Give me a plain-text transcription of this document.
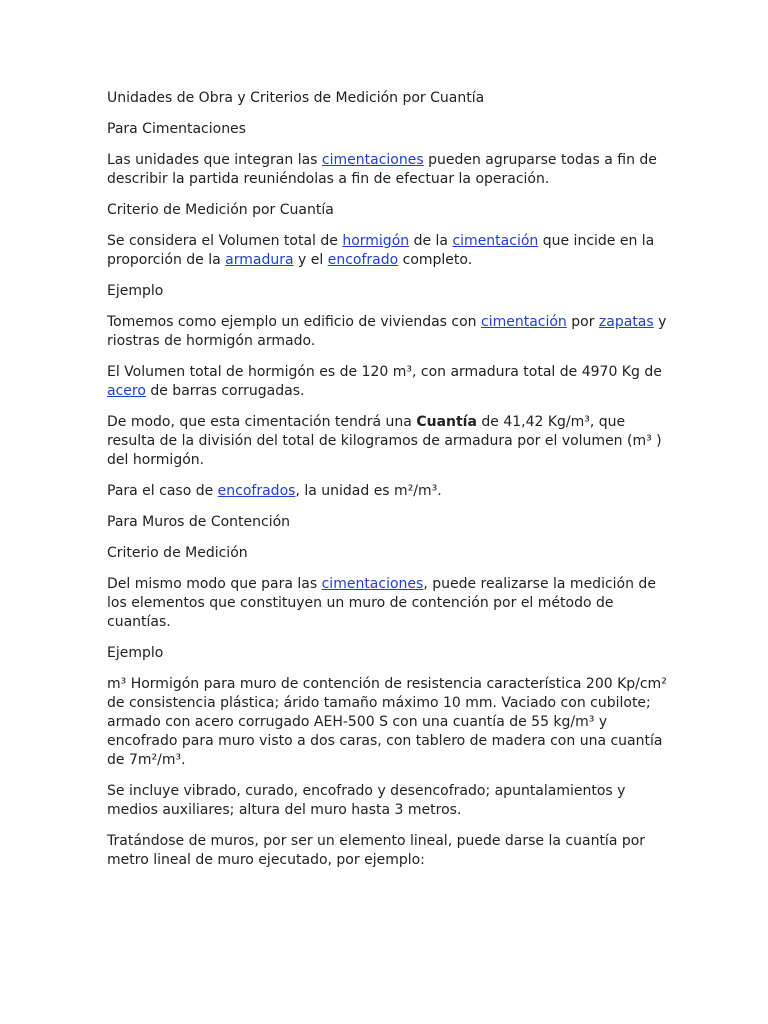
Unidades de Obra y Criterios de Medición por Cuantía

Para Cimentaciones

Las unidades que integran las cimentaciones pueden agruparse todas a fin de describir la partida reuniéndolas a fin de efectuar la operación.

Criterio de Medición por Cuantía

Se considera el Volumen total de hormigón de la cimentación que incide en la proporción de la armadura y el encofrado completo.

Ejemplo

Tomemos como ejemplo un edificio de viviendas con cimentación por zapatas y riostras de hormigón armado.

El Volumen total de hormigón es de 120 m³, con armadura total de 4970 Kg de acero de barras corrugadas.

De modo, que esta cimentación tendrá una Cuantía de 41,42 Kg/m³, que resulta de la división del total de kilogramos de armadura por el volumen (m³ ) del hormigón.

Para el caso de encofrados, la unidad es m²/m³.

Para Muros de Contención

Criterio de Medición

Del mismo modo que para las cimentaciones, puede realizarse la medición de los elementos que constituyen un muro de contención por el método de cuantías.

Ejemplo

m³ Hormigón para muro de contención de resistencia característica 200 Kp/cm² de consistencia plástica; árido tamaño máximo 10 mm. Vaciado con cubilote; armado con acero corrugado AEH-500 S con una cuantía de 55 kg/m³ y encofrado para muro visto a dos caras, con tablero de madera con una cuantía de 7m²/m³.

Se incluye vibrado, curado, encofrado y desencofrado; apuntalamientos y medios auxiliares; altura del muro hasta 3 metros.

Tratándose de muros, por ser un elemento lineal, puede darse la cuantía por metro lineal de muro ejecutado, por ejemplo:
